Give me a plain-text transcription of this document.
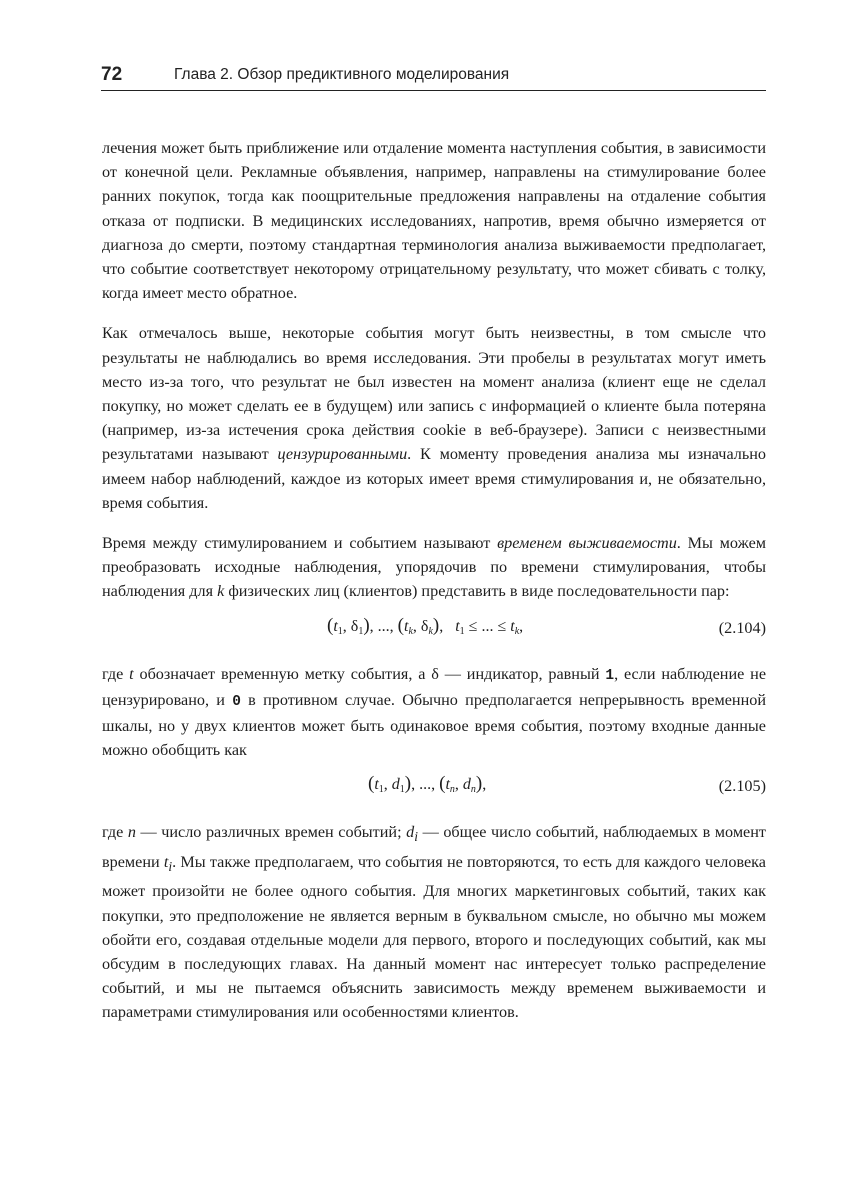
72	Глава 2. Обзор предиктивного моделирования

лечения может быть приближение или отдаление момента наступления события, в зависимости от конечной цели. Рекламные объявления, например, направлены на стимулирование более ранних покупок, тогда как поощрительные предложения направлены на отдаление события отказа от подписки. В медицинских исследованиях, напротив, время обычно измеряется от диагноза до смерти, поэтому стандартная терминология анализа выживаемости предполагает, что событие соответствует некоторому отрицательному результату, что может сбивать с толку, когда имеет место обратное.

Как отмечалось выше, некоторые события могут быть неизвестны, в том смысле что результаты не наблюдались во время исследования. Эти пробелы в результатах могут иметь место из-за того, что результат не был известен на момент анализа (клиент еще не сделал покупку, но может сделать ее в будущем) или запись с информацией о клиенте была потеряна (например, из-за истечения срока действия cookie в веб-браузере). Записи с неизвестными результатами называют цензурированными. К моменту проведения анализа мы изначально имеем набор наблюдений, каждое из которых имеет время стимулирования и, не обязательно, время события.

Время между стимулированием и событием называют временем выживаемости. Мы можем преобразовать исходные наблюдения, упорядочив по времени стимулирования, чтобы наблюдения для k физических лиц (клиентов) представить в виде последовательности пар:

($t_1$, $\delta_1$), ..., ($t_k$, $\delta_k$),   $t_1$ ≤ ... ≤ $t_k$,	(2.104)

где t обозначает временную метку события, а δ — индикатор, равный 1, если наблюдение не цензурировано, и 0 в противном случае. Обычно предполагается непрерывность временной шкалы, но у двух клиентов может быть одинаковое время события, поэтому входные данные можно обобщить как

($t_1$, $d_1$), ..., ($t_n$, $d_n$),	(2.105)

где n — число различных времен событий; $d_i$ — общее число событий, наблюдаемых в момент времени $t_i$. Мы также предполагаем, что события не повторяются, то есть для каждого человека может произойти не более одного события. Для многих маркетинговых событий, таких как покупки, это предположение не является верным в буквальном смысле, но обычно мы можем обойти его, создавая отдельные модели для первого, второго и последующих событий, как мы обсудим в последующих главах. На данный момент нас интересует только распределение событий, и мы не пытаемся объяснить зависимость между временем выживаемости и параметрами стимулирования или особенностями клиентов.
